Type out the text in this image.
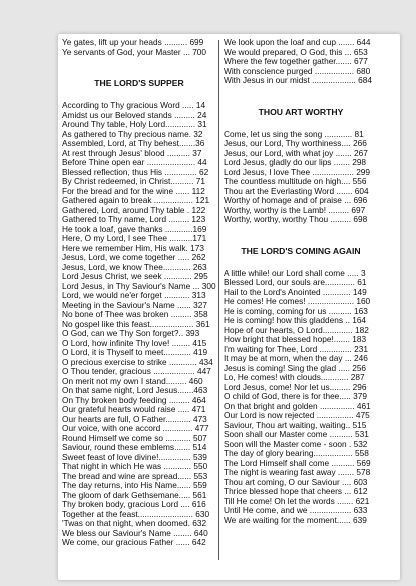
Ye gates, lift up your heads .......... 699
Ye servants of God, your Master ... 700
THE LORD'S SUPPER
According to Thy gracious Word ..... 14
Amidst us our Beloved stands ......... 24
Around Thy table, Holy Lord............. 31
As gathered to Thy precious name. 32
Assembled, Lord, at Thy behest.......36
At rest through Jesus' blood .......... 37
Before Thine open ear ..................... 44
Blessed reflection, thus His .............. 62
By Christ redeemed, in Christ.......... 71
For the bread and for the wine ...... 112
Gathered again to break ................. 121
Gathered, Lord, around Thy table . 122
Gathered to Thy name, Lord ......... 123
He took a loaf, gave thanks ............169
Here, O my Lord, I see Thee ..........171
Here we remember Him, His walk. 173
Jesus, Lord, we come together ..... 262
Jesus, Lord, we know Thee............ 263
Lord Jesus Christ, we seek ............ 295
Lord Jesus, in Thy Saviour's Name ... 300
Lord, we would ne'er forget ........... 313
Meeting in the Saviour's Name ...... 327
No bone of Thee was broken ......... 358
No gospel like this feast................... 361
O God, can we Thy Son forget?.. 393
O Lord, how infinite Thy love! ........ 415
O Lord, it is Thyself to meet............ 419
O precious exercise to strike ............ 434
O Thou tender, gracious .................. 447
On merit not my own I stand......... 460
On that same night, Lord Jesus.......463
On Thy broken body feeding ......... 464
Our grateful hearts would raise ..... 471
Our hearts are full, O Father........... 473
Our voice, with one accord ............. 477
Round Himself we come so ........... 507
Saviour, round these emblems....... 514
Sweet feast of love divine!.............. 539
That night in which He was ............ 550
The bread and wine are spread...... 553
The day returns, into His Name...... 559
The gloom of dark Gethsemane..... 561
Thy broken body, gracious Lord .... 616
Together at the feast........................ 630
'Twas on that night, when doomed. 632
We bless our Saviour's Name ........ 640
We come, our gracious Father ...... 642
We look upon the loaf and cup ....... 644
We would prepared, O God, this ... 653
Where the few together gather....... 677
With conscience purged ................. 680
With Jesus in our midst ................... 684
THOU ART WORTHY
Come, let us sing the song ............ 81
Jesus, our Lord, Thy worthiness.... 266
Jesus, our Lord, with what joy ....... 267
Lord Jesus, gladly do our lips ....... 298
Lord Jesus, I love Thee .................. 299
The countless multitude on high.... 556
Thou art the Everlasting Word ....... 604
Worthy of homage and of praise ... 696
Worthy, worthy is the Lamb! ......... 697
Worthy, worthy, worthy Thou ......... 698
THE LORD'S COMING AGAIN
A little while! our Lord shall come ..... 3
Blessed Lord, our souls are............. 61
Hail to the Lord's Anointed ............ 149
He comes! He comes! .................... 160
He is coming, coming for us .......... 163
He is coming! how this gladdens .. 164
Hope of our hearts, O Lord............. 182
How bright that blessed hope!....... 183
I'm waiting for Thee, Lord .............. 231
It may be at morn, when the day ... 246
Jesus is coming! Sing the glad ..... 256
Lo, He comes! with clouds............ 287
Lord Jesus, come! Nor let us......... 296
O child of God, there is for thee..... 379
On that bright and golden ............... 461
Our Lord is now rejected ................ 475
Saviour, Thou art waiting, waiting.. 515
Soon shall our Master come .......... 531
Soon will the Master come - soon . 532
The day of glory bearing................. 558
The Lord Himself shall come .......... 569
The night is wearing fast away ....... 578
Thou art coming, O our Saviour .... 603
Thrice blessed hope that cheers ... 612
Till He come! Oh let the words ....... 621
Until He come, and we .................. 633
We are waiting for the moment...... 639
